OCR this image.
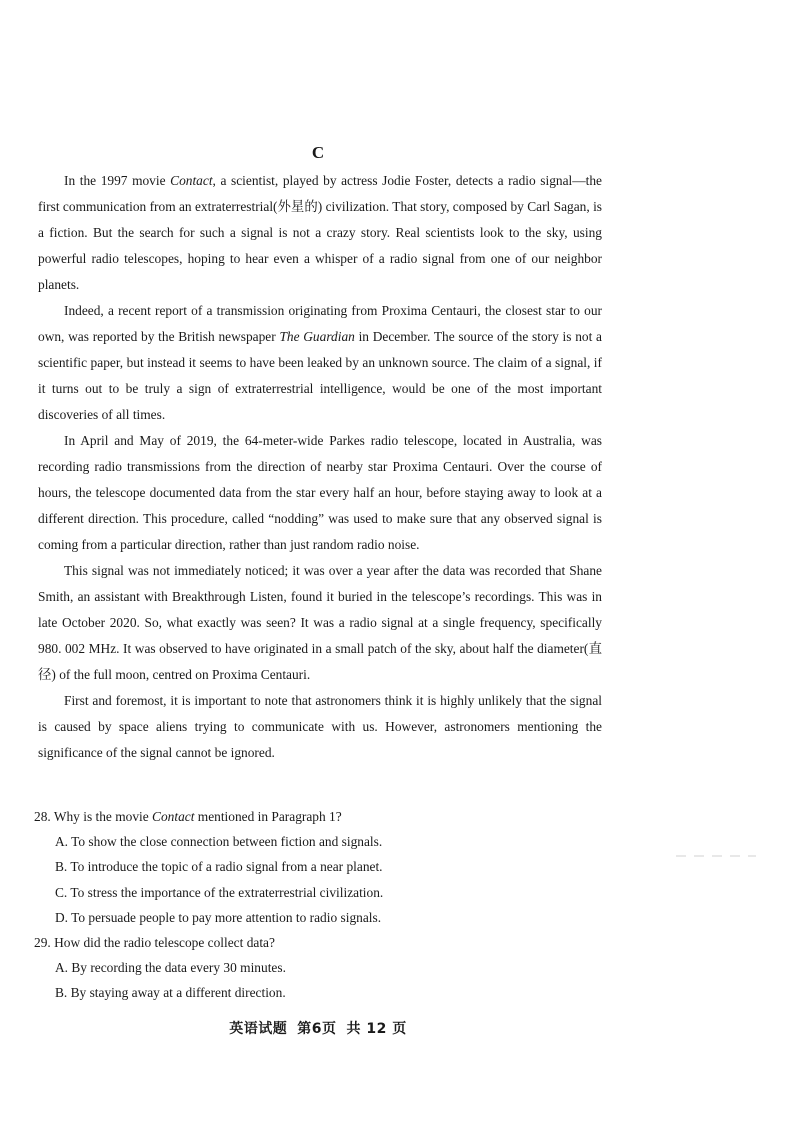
C

In the 1997 movie Contact, a scientist, played by actress Jodie Foster, detects a radio signal—the first communication from an extraterrestrial(外星的) civilization. That story, composed by Carl Sagan, is a fiction. But the search for such a signal is not a crazy story. Real scientists look to the sky, using powerful radio telescopes, hoping to hear even a whisper of a radio signal from one of our neighbor planets.

Indeed, a recent report of a transmission originating from Proxima Centauri, the closest star to our own, was reported by the British newspaper The Guardian in December. The source of the story is not a scientific paper, but instead it seems to have been leaked by an unknown source. The claim of a signal, if it turns out to be truly a sign of extraterrestrial intelligence, would be one of the most important discoveries of all times.

In April and May of 2019, the 64-meter-wide Parkes radio telescope, located in Australia, was recording radio transmissions from the direction of nearby star Proxima Centauri. Over the course of hours, the telescope documented data from the star every half an hour, before staying away to look at a different direction. This procedure, called “nodding” was used to make sure that any observed signal is coming from a particular direction, rather than just random radio noise.

This signal was not immediately noticed; it was over a year after the data was recorded that Shane Smith, an assistant with Breakthrough Listen, found it buried in the telescope’s recordings. This was in late October 2020. So, what exactly was seen? It was a radio signal at a single frequency, specifically 980. 002 MHz. It was observed to have originated in a small patch of the sky, about half the diameter(直径) of the full moon, centred on Proxima Centauri.

First and foremost, it is important to note that astronomers think it is highly unlikely that the signal is caused by space aliens trying to communicate with us. However, astronomers mentioning the significance of the signal cannot be ignored.

28. Why is the movie Contact mentioned in Paragraph 1?

A. To show the close connection between fiction and signals.

B. To introduce the topic of a radio signal from a near planet.

C. To stress the importance of the extraterrestrial civilization.

D. To persuade people to pay more attention to radio signals.

29. How did the radio telescope collect data?

A. By recording the data every 30 minutes.

B. By staying away at a different direction.

英语试题 第6页 共 12 页
